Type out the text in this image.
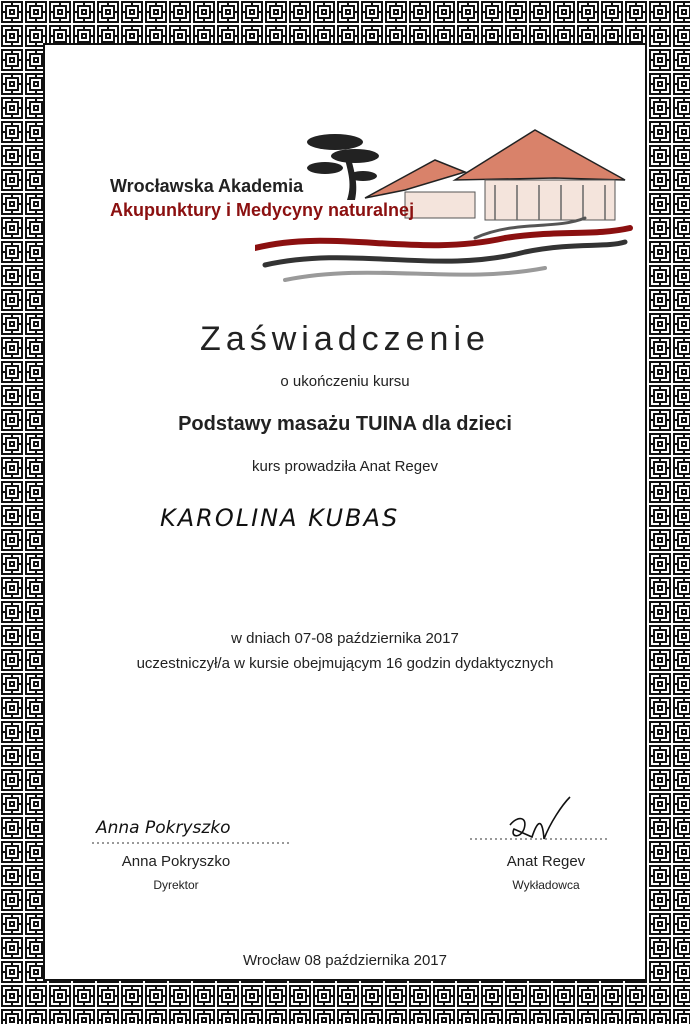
Wrocławska Akademia
Akupunktury i Medycyny naturalnej
Zaświadczenie
o ukończeniu kursu
Podstawy masażu TUINA dla dzieci
kurs prowadziła Anat Regev
KAROLINA KUBAS
w dniach 07-08 października 2017
uczestniczył/a w kursie obejmującym 16 godzin dydaktycznych
Anna Pokryszko
Anna Pokryszko
Dyrektor
Anat Regev
Wykładowca
Wrocław 08 października 2017
